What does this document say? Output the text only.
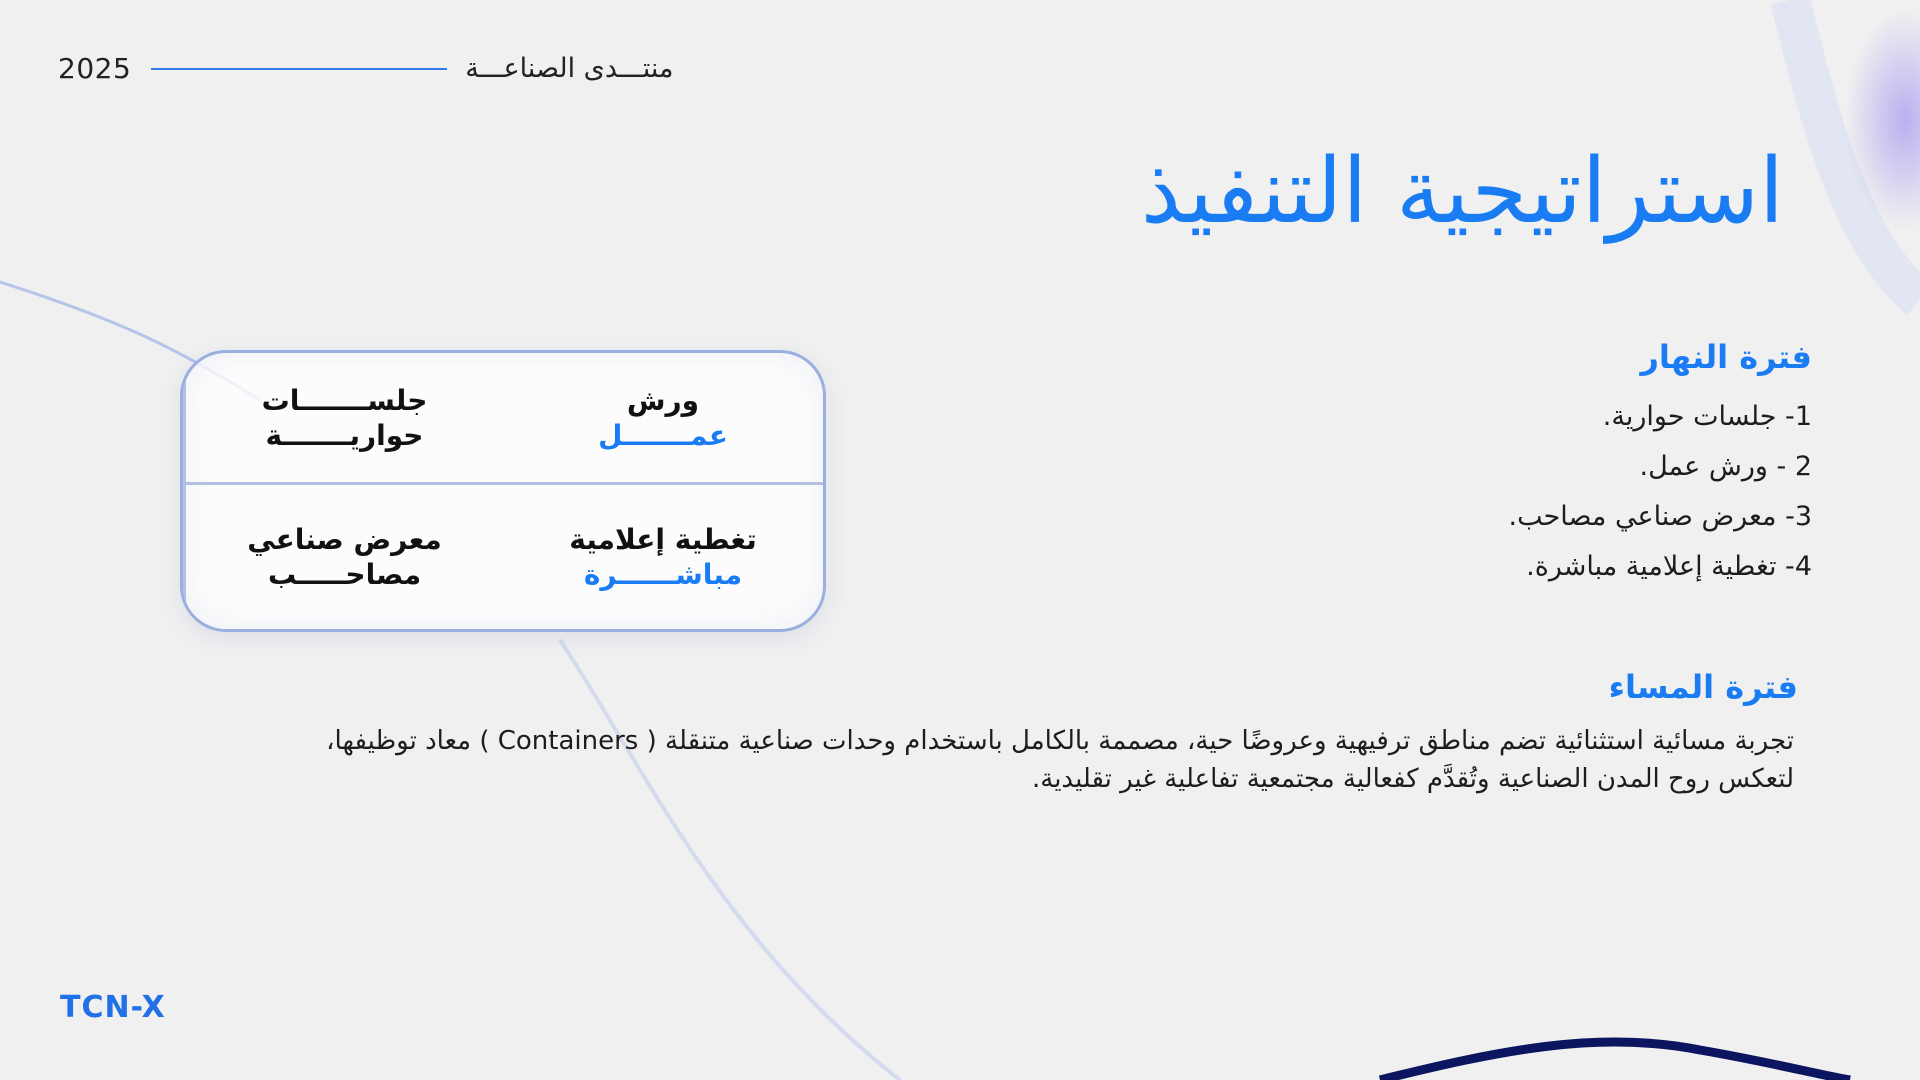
2025	منتـــدى الصناعـــة
استراتيجية التنفيذ
جلســـــــات
حواريـــــــة
ورش
عمـــــــل
معرض صناعي
مصاحـــــب
تغطية إعلامية
مباشــــــرة
فترة النهار
1- جلسات حوارية.
2 - ورش عمل.
3- معرض صناعي مصاحب.
4- تغطية إعلامية مباشرة.
فترة المساء

تجربة مسائية استثنائية تضم مناطق ترفيهية وعروضًا حية، مصممة بالكامل باستخدام وحدات صناعية متنقلة ( Containers ) معاد توظيفها، لتعكس روح المدن الصناعية وتُقدَّم كفعالية مجتمعية تفاعلية غير تقليدية.

TCN-X
